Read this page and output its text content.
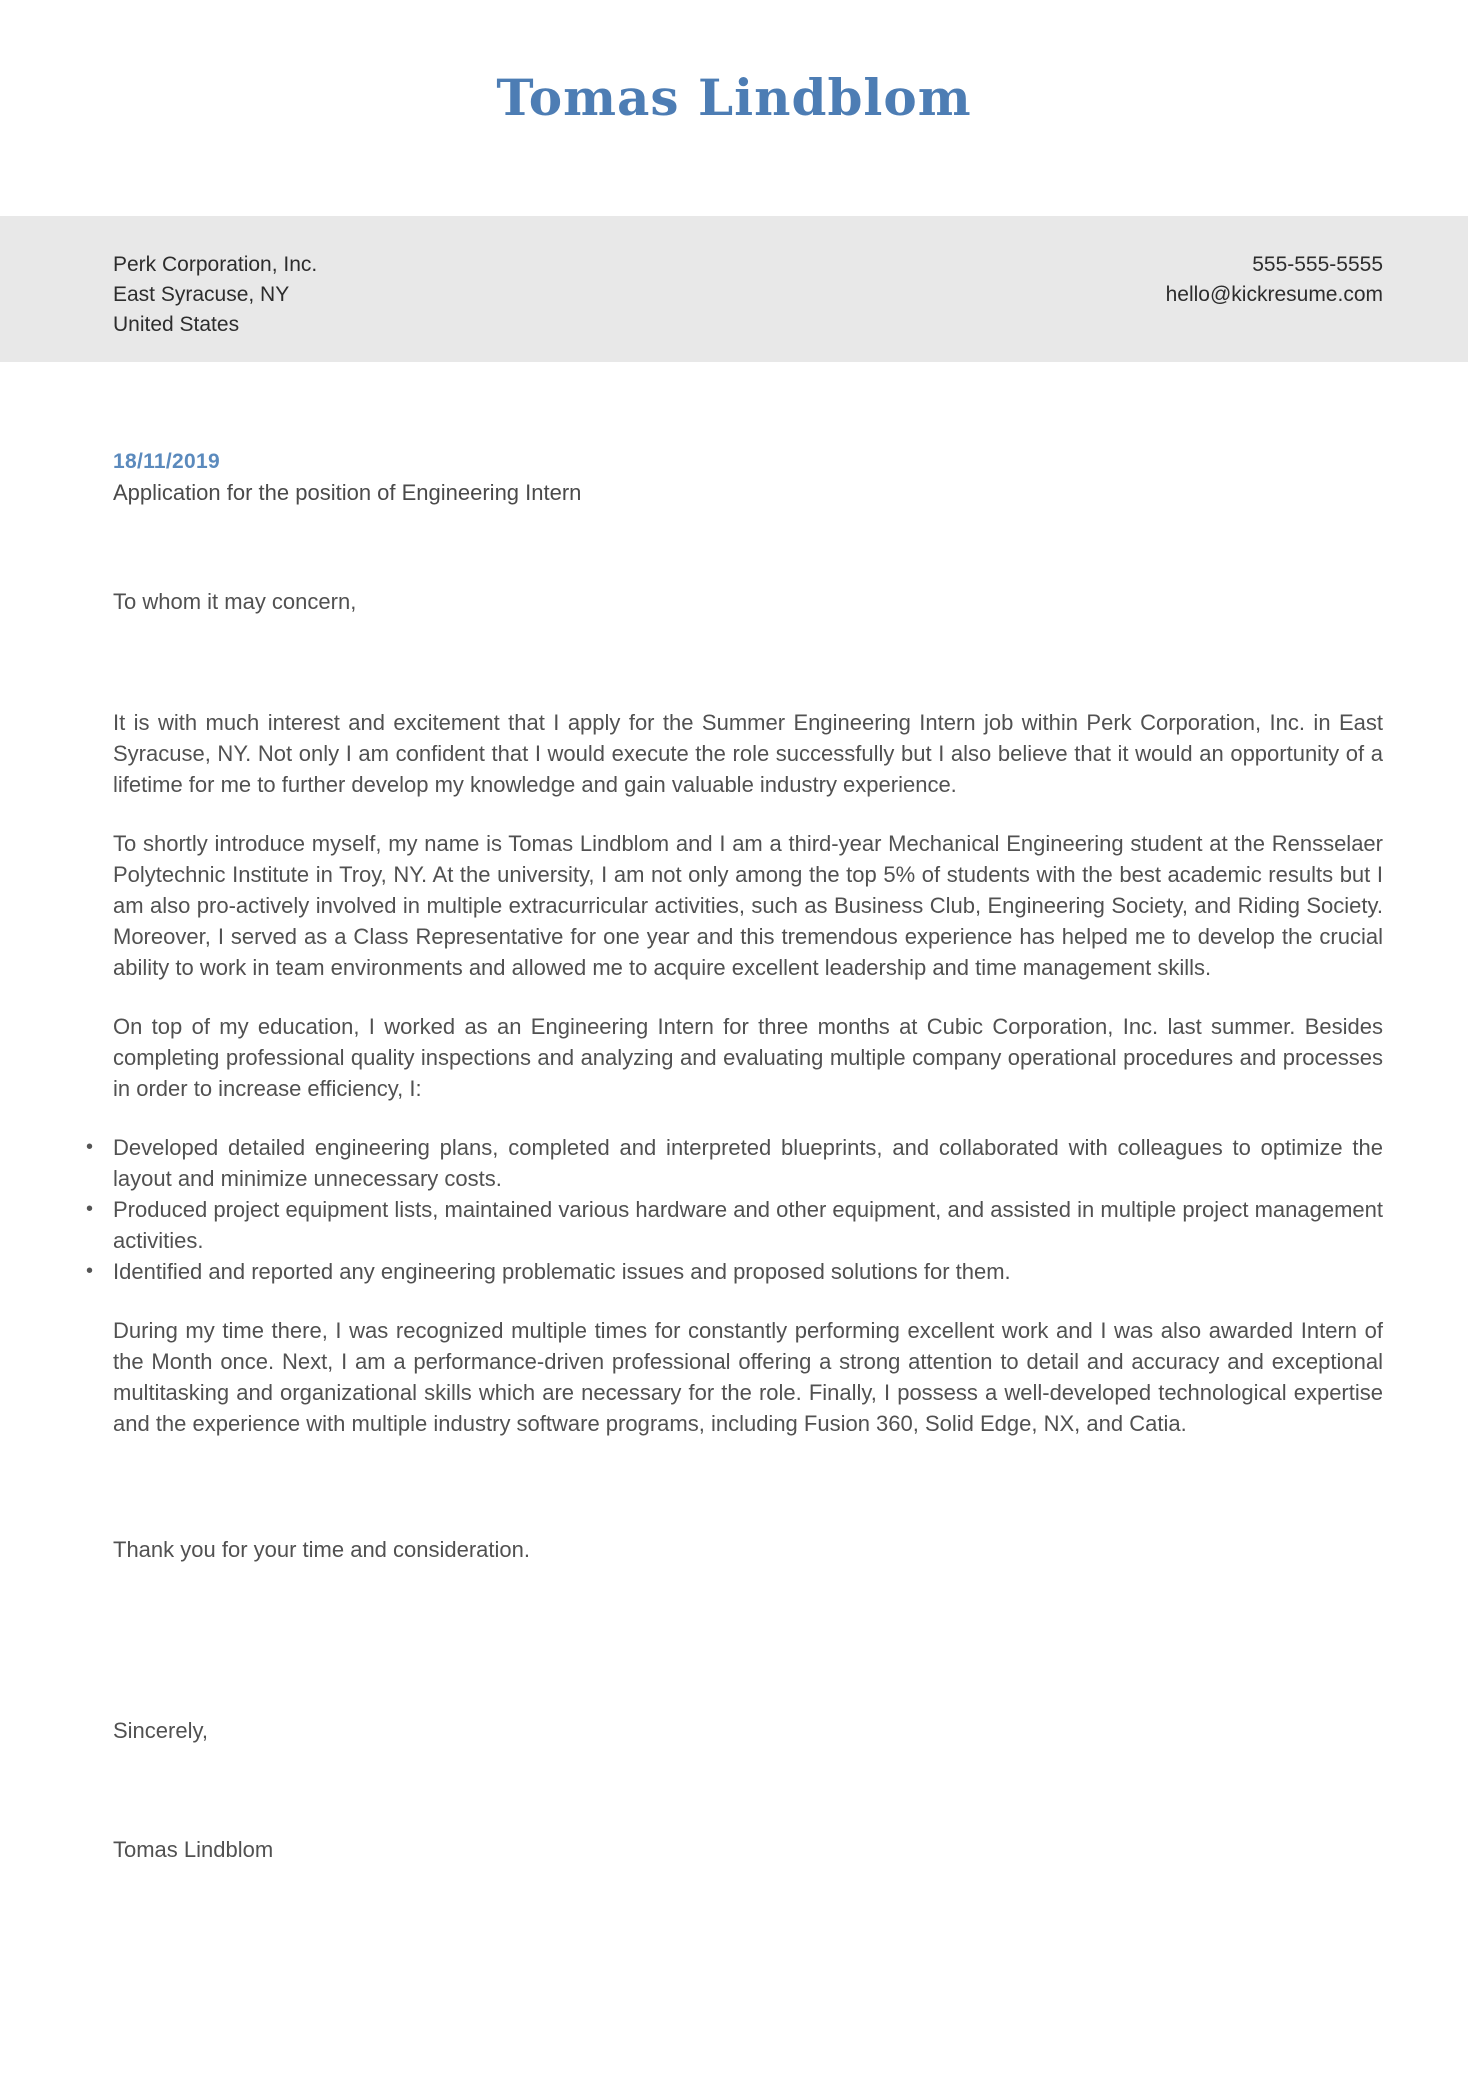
Tomas Lindblom
Perk Corporation, Inc.
East Syracuse, NY
United States
555-555-5555
hello@kickresume.com
18/11/2019
Application for the position of Engineering Intern
To whom it may concern,

It is with much interest and excitement that I apply for the Summer Engineering Intern job within Perk Corporation, Inc. in East Syracuse, NY. Not only I am confident that I would execute the role successfully but I also believe that it would an opportunity of a lifetime for me to further develop my knowledge and gain valuable industry experience.

To shortly introduce myself, my name is Tomas Lindblom and I am a third-year Mechanical Engineering student at the Rensselaer Polytechnic Institute in Troy, NY. At the university, I am not only among the top 5% of students with the best academic results but I am also pro-actively involved in multiple extracurricular activities, such as Business Club, Engineering Society, and Riding Society. Moreover, I served as a Class Representative for one year and this tremendous experience has helped me to develop the crucial ability to work in team environments and allowed me to acquire excellent leadership and time management skills.

On top of my education, I worked as an Engineering Intern for three months at Cubic Corporation, Inc. last summer. Besides completing professional quality inspections and analyzing and evaluating multiple company operational procedures and processes in order to increase efficiency, I:

• Developed detailed engineering plans, completed and interpreted blueprints, and collaborated with colleagues to optimize the layout and minimize unnecessary costs.
• Produced project equipment lists, maintained various hardware and other equipment, and assisted in multiple project management activities.
• Identified and reported any engineering problematic issues and proposed solutions for them.

During my time there, I was recognized multiple times for constantly performing excellent work and I was also awarded Intern of the Month once. Next, I am a performance-driven professional offering a strong attention to detail and accuracy and exceptional multitasking and organizational skills which are necessary for the role. Finally, I possess a well-developed technological expertise and the experience with multiple industry software programs, including Fusion 360, Solid Edge, NX, and Catia.

Thank you for your time and consideration.
Sincerely,
Tomas Lindblom
